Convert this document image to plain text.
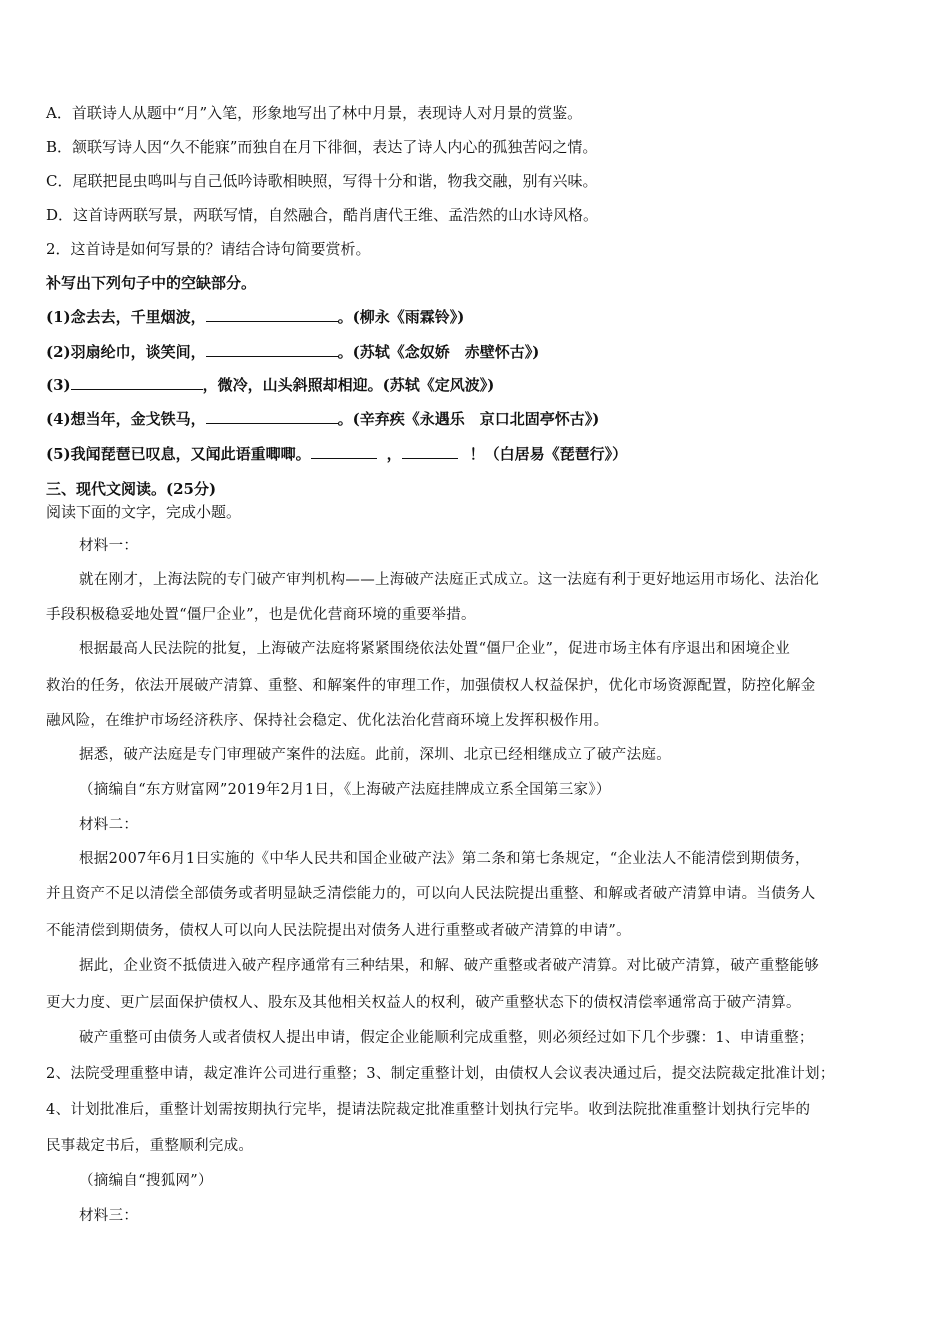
A．首联诗人从题中“月”入笔，形象地写出了林中月景，表现诗人对月景的赏鉴。
B．颔联写诗人因“久不能寐”而独自在月下徘徊，表达了诗人内心的孤独苦闷之情。
C．尾联把昆虫鸣叫与自己低吟诗歌相映照，写得十分和谐，物我交融，别有兴味。
D．这首诗两联写景，两联写情，自然融合，酷肖唐代王维、孟浩然的山水诗风格。
2．这首诗是如何写景的？请结合诗句简要赏析。
补写出下列句子中的空缺部分。
(1)念去去，千里烟波，	。(柳永《雨霖铃》)
(2)羽扇纶巾，谈笑间，	。(苏轼《念奴娇　赤壁怀古》)
(3)	，微冷，山头斜照却相迎。(苏轼《定风波》)
(4)想当年，金戈铁马，	。(辛弃疾《永遇乐　京口北固亭怀古》)
(5)我闻琵琶已叹息，又闻此语重唧唧。	，	！（白居易《琵琶行》）
三、现代文阅读。(25分)
阅读下面的文字，完成小题。
材料一：
就在刚才，上海法院的专门破产审判机构——上海破产法庭正式成立。这一法庭有利于更好地运用市场化、法治化
手段积极稳妥地处置“僵尸企业”，也是优化营商环境的重要举措。
根据最高人民法院的批复，上海破产法庭将紧紧围绕依法处置“僵尸企业”，促进市场主体有序退出和困境企业
救治的任务，依法开展破产清算、重整、和解案件的审理工作，加强债权人权益保护，优化市场资源配置，防控化解金
融风险，在维护市场经济秩序、保持社会稳定、优化法治化营商环境上发挥积极作用。
据悉，破产法庭是专门审理破产案件的法庭。此前，深圳、北京已经相继成立了破产法庭。
（摘编自“东方财富网”2019年2月1日，《上海破产法庭挂牌成立系全国第三家》）
材料二：
根据2007年6月1日实施的《中华人民共和国企业破产法》第二条和第七条规定，“企业法人不能清偿到期债务，
并且资产不足以清偿全部债务或者明显缺乏清偿能力的，可以向人民法院提出重整、和解或者破产清算申请。当债务人
不能清偿到期债务，债权人可以向人民法院提出对债务人进行重整或者破产清算的申请”。
据此，企业资不抵债进入破产程序通常有三种结果，和解、破产重整或者破产清算。对比破产清算，破产重整能够
更大力度、更广层面保护债权人、股东及其他相关权益人的权利，破产重整状态下的债权清偿率通常高于破产清算。
破产重整可由债务人或者债权人提出申请，假定企业能顺利完成重整，则必须经过如下几个步骤：1、申请重整；
2、法院受理重整申请，裁定准许公司进行重整；3、制定重整计划，由债权人会议表决通过后，提交法院裁定批准计划；
4、计划批准后，重整计划需按期执行完毕，提请法院裁定批准重整计划执行完毕。收到法院批准重整计划执行完毕的
民事裁定书后，重整顺利完成。
（摘编自“搜狐网”）
材料三：
